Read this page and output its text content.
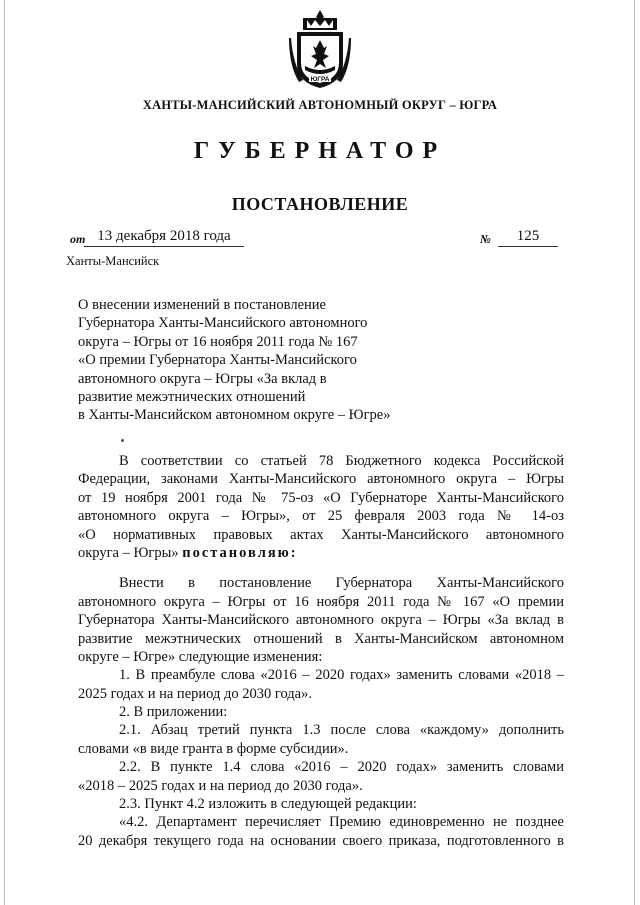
ЮГРА
ХАНТЫ-МАНСИЙСКИЙ АВТОНОМНЫЙ ОКРУГ – ЮГРА
ГУБЕРНАТОР
ПОСТАНОВЛЕНИЕ
от 13 декабря 2018 года	№	125
Ханты-Мансийск
О внесении изменений в постановление
Губернатора Ханты-Мансийского автономного
округа – Югры от 16 ноября 2011 года № 167
«О премии Губернатора Ханты-Мансийского
автономного округа – Югры «За вклад в
развитие межэтнических отношений
в Ханты-Мансийском автономном округе – Югре»
В соответствии со статьей 78 Бюджетного кодекса Российской
Федерации, законами Ханты-Мансийского автономного округа – Югры
от 19 ноября 2001 года № 75-оз «О Губернаторе Ханты-Мансийского
автономного округа – Югры», от 25 февраля 2003 года № 14-оз
«О нормативных правовых актах Ханты-Мансийского автономного
округа – Югры» постановляю:
Внести в постановление Губернатора Ханты-Мансийского
автономного округа – Югры от 16 ноября 2011 года № 167 «О премии
Губернатора Ханты-Мансийского автономного округа – Югры «За вклад в
развитие межэтнических отношений в Ханты-Мансийском автономном
округе – Югре» следующие изменения:
1. В преамбуле слова «2016 – 2020 годах» заменить словами «2018 –
2025 годах и на период до 2030 года».
2. В приложении:
2.1. Абзац третий пункта 1.3 после слова «каждому» дополнить
словами «в виде гранта в форме субсидии».
2.2. В пункте 1.4 слова «2016 – 2020 годах» заменить словами
«2018 – 2025 годах и на период до 2030 года».
2.3. Пункт 4.2 изложить в следующей редакции:
«4.2. Департамент перечисляет Премию единовременно не позднее
20 декабря текущего года на основании своего приказа, подготовленного в
